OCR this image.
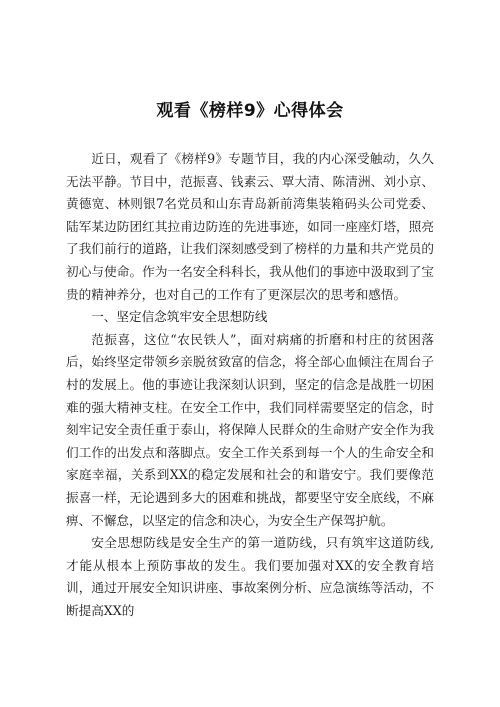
观看《榜样9》心得体会

近日，观看了《榜样9》专题节目，我的内心深受触动，久久无法平静。节目中，范振喜、钱素云、覃大清、陈清洲、刘小京、黄德宽、林则银7名党员和山东青岛新前湾集装箱码头公司党委、陆军某边防团红其拉甫边防连的先进事迹，如同一座座灯塔，照亮了我们前行的道路，让我们深刻感受到了榜样的力量和共产党员的初心与使命。作为一名安全科科长，我从他们的事迹中汲取到了宝贵的精神养分，也对自己的工作有了更深层次的思考和感悟。

一、坚定信念筑牢安全思想防线

范振喜，这位“农民铁人”，面对病痛的折磨和村庄的贫困落后，始终坚定带领乡亲脱贫致富的信念，将全部心血倾注在周台子村的发展上。他的事迹让我深刻认识到，坚定的信念是战胜一切困难的强大精神支柱。在安全工作中，我们同样需要坚定的信念，时刻牢记安全责任重于泰山，将保障人民群众的生命财产安全作为我们工作的出发点和落脚点。安全工作关系到每一个人的生命安全和家庭幸福，关系到XX的稳定发展和社会的和谐安宁。我们要像范振喜一样，无论遇到多大的困难和挑战，都要坚守安全底线，不麻痹、不懈怠，以坚定的信念和决心，为安全生产保驾护航。

安全思想防线是安全生产的第一道防线，只有筑牢这道防线,才能从根本上预防事故的发生。我们要加强对XX的安全教育培训，通过开展安全知识讲座、事故案例分析、应急演练等活动，不断提高XX的
